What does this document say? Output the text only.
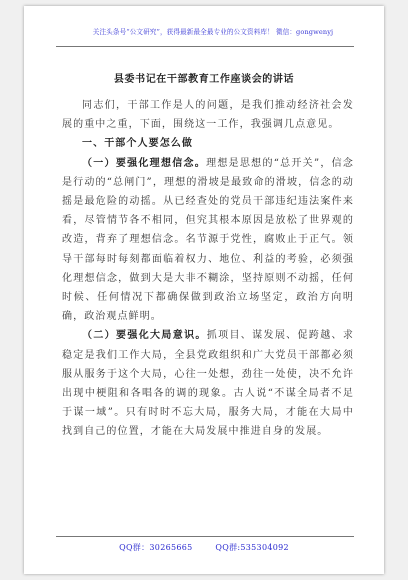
关注头条号“公文研究”，获得最新最全最专业的公文资料库！ 微信：gongwenyj
县委书记在干部教育工作座谈会的讲话

同志们，干部工作是人的问题，是我们推动经济社会发展的重中之重，下面，围绕这一工作，我强调几点意见。

一、干部个人要怎么做

（一）要强化理想信念。理想是思想的“总开关”，信念是行动的“总闸门”，理想的滑坡是最致命的滑坡，信念的动摇是最危险的动摇。从已经查处的党员干部违纪违法案件来看，尽管情节各不相同，但究其根本原因是放松了世界观的改造，背弃了理想信念。名节源于党性，腐败止于正气。领导干部每时每刻都面临着权力、地位、利益的考验，必须强化理想信念，做到大是大非不糊涂，坚持原则不动摇，任何时候、任何情况下都确保做到政治立场坚定，政治方向明确，政治观点鲜明。

（二）要强化大局意识。抓项目、谋发展、促跨越、求稳定是我们工作大局，全县党政组织和广大党员干部都必须服从服务于这个大局，心往一处想，劲往一处使，决不允许出现中梗阻和各唱各的调的现象。古人说“不谋全局者不足于谋一域”。只有时时不忘大局，服务大局，才能在大局中找到自己的位置，才能在大局发展中推进自身的发展。

QQ群：30265665	QQ群:535304092
